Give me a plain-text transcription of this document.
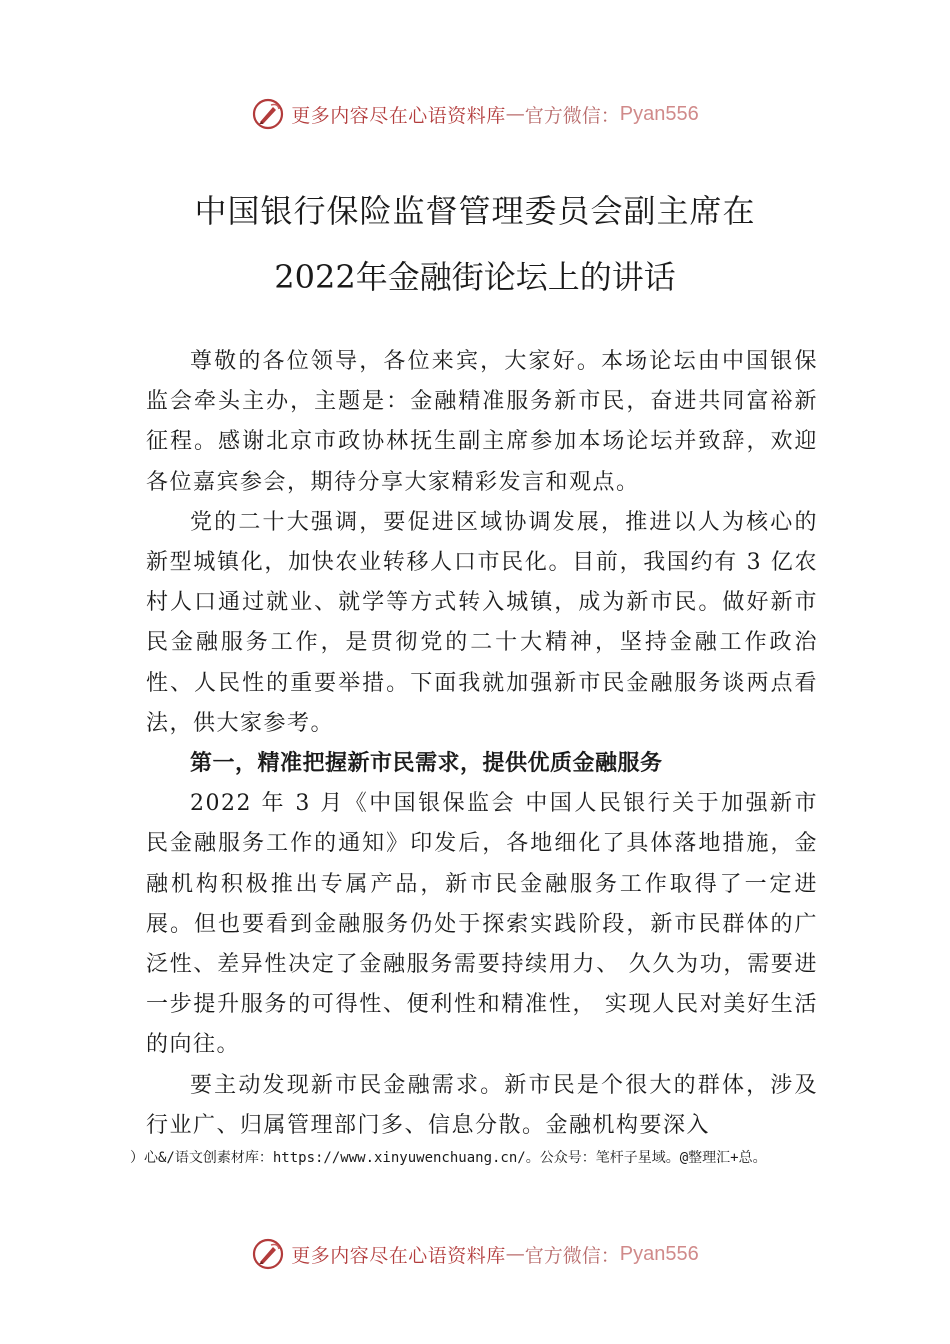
更多内容尽在心语资料库 — 官方微信： Pyan556
中国银行保险监督管理委员会副主席在
2022年金融街论坛上的讲话

尊敬的各位领导，各位来宾，大家好。本场论坛由中国银保监会牵头主办，主题是：金融精准服务新市民，奋进共同富裕新征程。感谢北京市政协林抚生副主席参加本场论坛并致辞，欢迎各位嘉宾参会，期待分享大家精彩发言和观点。

党的二十大强调，要促进区域协调发展，推进以人为核心的新型城镇化，加快农业转移人口市民化。目前，我国约有 3 亿农村人口通过就业、就学等方式转入城镇，成为新市民。做好新市民金融服务工作，是贯彻党的二十大精神，坚持金融工作政治性、人民性的重要举措。下面我就加强新市民金融服务谈两点看法，供大家参考。

第一，精准把握新市民需求，提供优质金融服务

2022 年 3 月《中国银保监会 中国人民银行关于加强新市民金融服务工作的通知》印发后，各地细化了具体落地措施，金融机构积极推出专属产品，新市民金融服务工作取得了一定进展。但也要看到金融服务仍处于探索实践阶段，新市民群体的广泛性、差异性决定了金融服务需要持续用力、 久久为功，需要进一步提升服务的可得性、便利性和精准性， 实现人民对美好生活的向往。

要主动发现新市民金融需求。新市民是个很大的群体，涉及行业广、归属管理部门多、信息分散。金融机构要深入

）心&/语文创素材库：https://www.xinyuwenchuang.cn/。公众号：笔杆子星域。@整理汇+总。
更多内容尽在心语资料库 — 官方微信： Pyan556
